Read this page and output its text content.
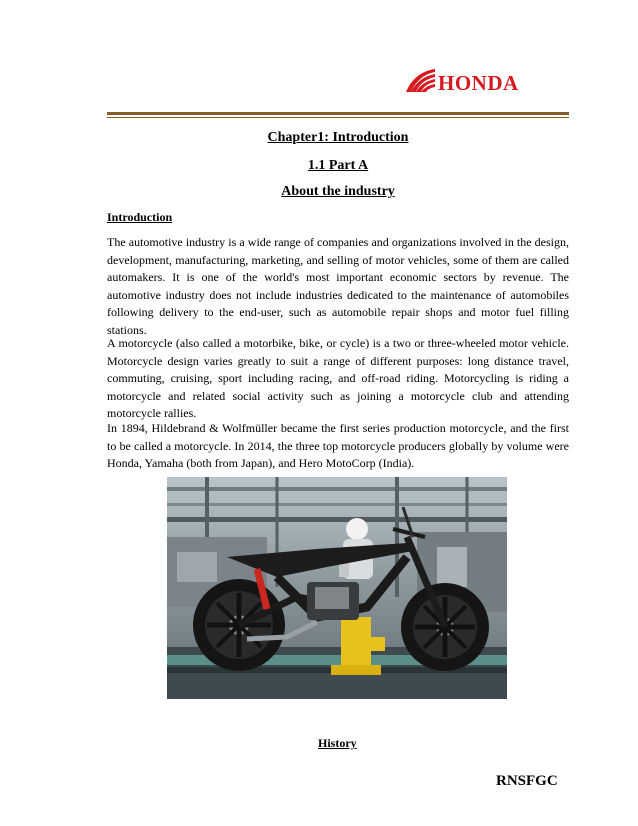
HONDA
Chapter1: Introduction
1.1 Part A
About the industry
Introduction

The automotive industry is a wide range of companies and organizations involved in the design, development, manufacturing, marketing, and selling of motor vehicles, some of them are called automakers. It is one of the world's most important economic sectors by revenue. The automotive industry does not include industries dedicated to the maintenance of automobiles following delivery to the end-user, such as automobile repair shops and motor fuel filling stations.

A motorcycle (also called a motorbike, bike, or cycle) is a two or three-wheeled motor vehicle. Motorcycle design varies greatly to suit a range of different purposes: long distance travel, commuting, cruising, sport including racing, and off-road riding. Motorcycling is riding a motorcycle and related social activity such as joining a motorcycle club and attending motorcycle rallies.

In 1894, Hildebrand & Wolfmüller became the first series production motorcycle, and the first to be called a motorcycle. In 2014, the three top motorcycle producers globally by volume were Honda, Yamaha (both from Japan), and Hero MotoCorp (India).

History
RNSFGC
